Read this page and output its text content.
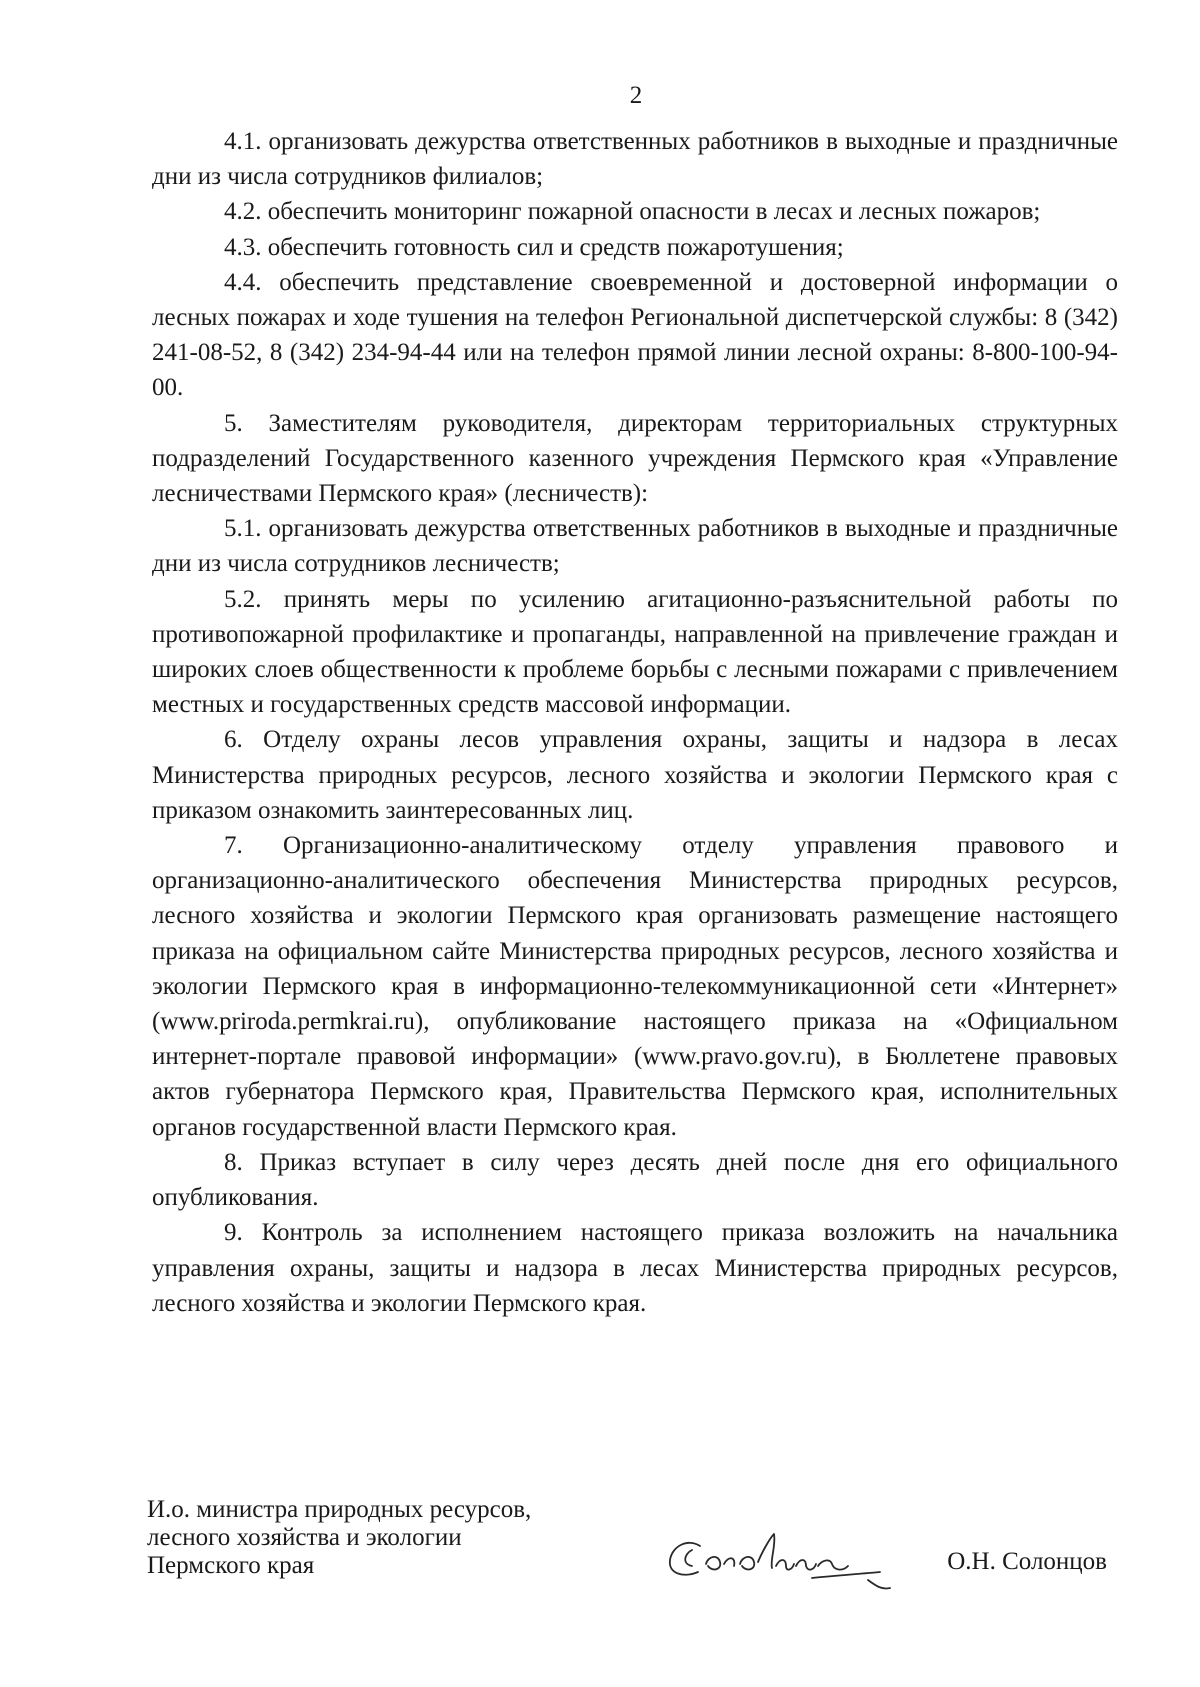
2

4.1. организовать дежурства ответственных работников в выходные и праздничные дни из числа сотрудников филиалов;

4.2. обеспечить мониторинг пожарной опасности в лесах и лесных пожаров;

4.3. обеспечить готовность сил и средств пожаротушения;

4.4. обеспечить представление своевременной и достоверной информации о лесных пожарах и ходе тушения на телефон Региональной диспетчерской службы: 8 (342) 241-08-52, 8 (342) 234-94-44 или на телефон прямой линии лесной охраны: 8-800-100-94-00.

5. Заместителям руководителя, директорам территориальных структурных подразделений Государственного казенного учреждения Пермского края «Управление лесничествами Пермского края» (лесничеств):

5.1. организовать дежурства ответственных работников в выходные и праздничные дни из числа сотрудников лесничеств;

5.2. принять меры по усилению агитационно-разъяснительной работы по противопожарной профилактике и пропаганды, направленной на привлечение граждан и широких слоев общественности к проблеме борьбы с лесными пожарами с привлечением местных и государственных средств массовой информации.

6. Отделу охраны лесов управления охраны, защиты и надзора в лесах Министерства природных ресурсов, лесного хозяйства и экологии Пермского края с приказом ознакомить заинтересованных лиц.

7. Организационно-аналитическому отделу управления правового и организационно-аналитического обеспечения Министерства природных ресурсов, лесного хозяйства и экологии Пермского края организовать размещение настоящего приказа на официальном сайте Министерства природных ресурсов, лесного хозяйства и экологии Пермского края в информационно-телекоммуникационной сети «Интернет» (www.priroda.permkrai.ru), опубликование настоящего приказа на «Официальном интернет-портале правовой информации» (www.pravo.gov.ru), в Бюллетене правовых актов губернатора Пермского края, Правительства Пермского края, исполнительных органов государственной власти Пермского края.

8. Приказ вступает в силу через десять дней после дня его официального опубликования.

9. Контроль за исполнением настоящего приказа возложить на начальника управления охраны, защиты и надзора в лесах Министерства природных ресурсов, лесного хозяйства и экологии Пермского края.

И.о. министра природных ресурсов,
лесного хозяйства и экологии
Пермского края	О.Н. Солонцов
